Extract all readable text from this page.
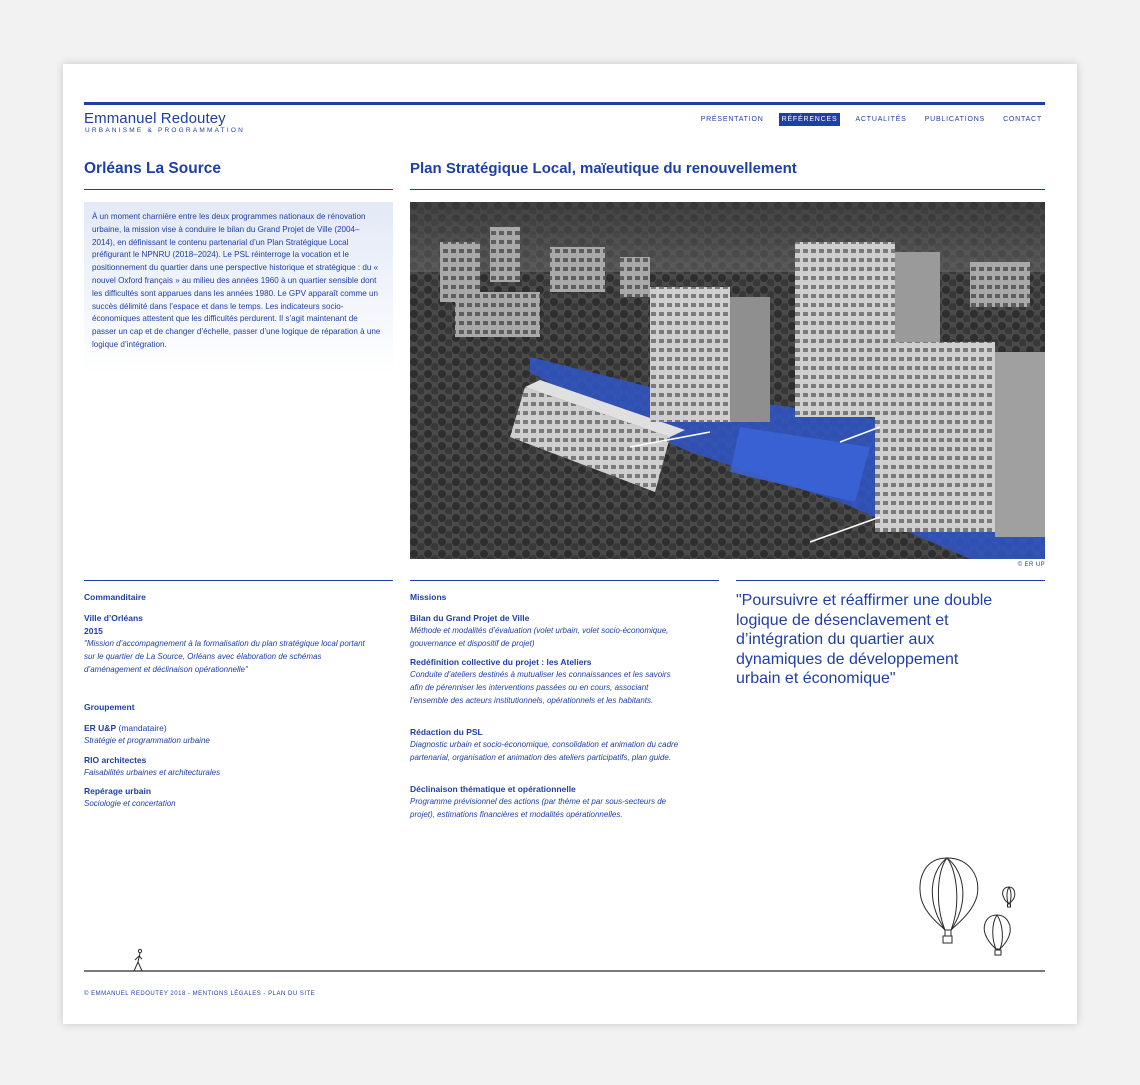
Emmanuel Redoutey
URBANISME & PROGRAMMATION
PRÉSENTATION	RÉFÉRENCES	ACTUALITÉS	PUBLICATIONS	CONTACT
Orléans La Source	Plan Stratégique Local, maïeutique du renouvellement
À un moment charnière entre les deux programmes nationaux de rénovation urbaine, la mission vise à conduire le bilan du Grand Projet de Ville (2004–2014), en définissant le contenu partenarial d’un Plan Stratégique Local préfigurant le NPNRU (2018–2024). Le PSL réinterroge la vocation et le positionnement du quartier dans une perspective historique et stratégique : du « nouvel Oxford français » au milieu des années 1960 à un quartier sensible dont les difficultés sont apparues dans les années 1980. Le GPV apparaît comme un succès délimité dans l’espace et dans le temps. Les indicateurs socio-économiques attestent que les difficultés perdurent. Il s’agit maintenant de passer un cap et de changer d’échelle, passer d’une logique de réparation à une logique d’intégration.
© ER UP
Commanditaire
Ville d’Orléans
2015
"Mission d’accompagnement à la formalisation du plan stratégique local portant sur le quartier de La Source, Orléans avec élaboration de schémas d’aménagement et déclinaison opérationnelle"
Groupement
ER U&P (mandataire)
Stratégie et programmation urbaine
RIO architectes
Faisabilités urbaines et architecturales
Repérage urbain
Sociologie et concertation
Missions
Bilan du Grand Projet de Ville
Méthode et modalités d’évaluation (volet urbain, volet socio-économique, gouvernance et dispositif de projet)
Redéfinition collective du projet : les Ateliers
Conduite d’ateliers destinés à mutualiser les connaissances et les savoirs afin de pérenniser les interventions passées ou en cours, associant l’ensemble des acteurs institutionnels, opérationnels et les habitants.
Rédaction du PSL
Diagnostic urbain et socio-économique, consolidation et animation du cadre partenarial, organisation et animation des ateliers participatifs, plan guide.
Déclinaison thématique et opérationnelle
Programme prévisionnel des actions (par thème et par sous-secteurs de projet), estimations financières et modalités opérationnelles.
"Poursuivre et réaffirmer une double logique de désenclavement et d’intégration du quartier aux dynamiques de développement urbain et économique"
© EMMANUEL REDOUTEY 2018 - MENTIONS LÉGALES - PLAN DU SITE
